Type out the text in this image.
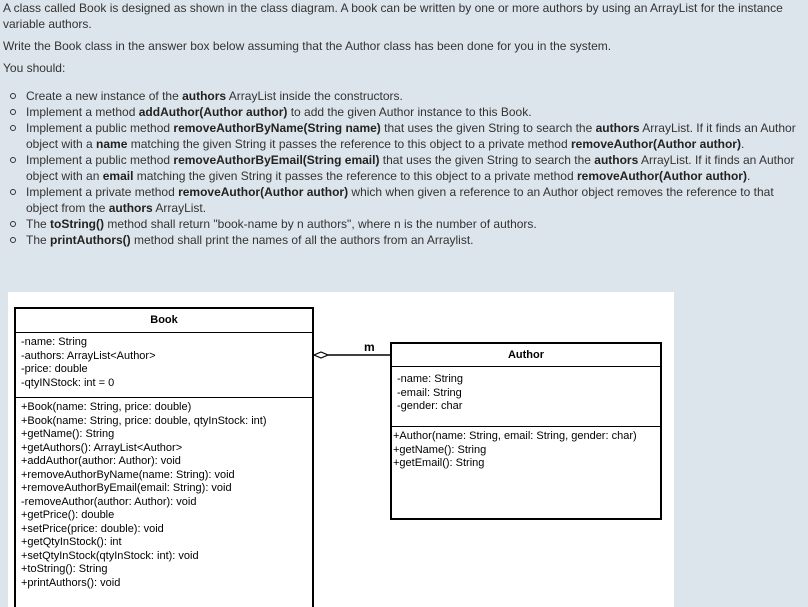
A class called Book is designed as shown in the class diagram. A book can be written by one or more authors by using an ArrayList for the instance variable authors.

Write the Book class in the answer box below assuming that the Author class has been done for you in the system.

You should:

Create a new instance of the authors ArrayList inside the constructors.
Implement a method addAuthor(Author author) to add the given Author instance to this Book.
Implement a public method removeAuthorByName(String name) that uses the given String to search the authors ArrayList. If it finds an Author object with a name matching the given String it passes the reference to this object to a private method removeAuthor(Author author).
Implement a public method removeAuthorByEmail(String email) that uses the given String to search the authors ArrayList. If it finds an Author object with an email matching the given String it passes the reference to this object to a private method removeAuthor(Author author).
Implement a private method removeAuthor(Author author) which when given a reference to an Author object removes the reference to that object from the authors ArrayList.
The toString() method shall return "book-name by n authors", where n is the number of authors.
The printAuthors() method shall print the names of all the authors from an Arraylist.
m
Book
-name: String
-authors: ArrayList<Author>
-price: double
-qtyINStock: int = 0
+Book(name: String, price: double)
+Book(name: String, price: double, qtyInStock: int)
+getName(): String
+getAuthors(): ArrayList<Author>
+addAuthor(author: Author): void
+removeAuthorByName(name: String): void
+removeAuthorByEmail(email: String): void
-removeAuthor(author: Author): void
+getPrice(): double
+setPrice(price: double): void
+getQtyInStock(): int
+setQtyInStock(qtyInStock: int): void
+toString(): String
+printAuthors(): void
Author
-name: String
-email: String
-gender: char
+Author(name: String, email: String, gender: char)
+getName(): String
+getEmail(): String
